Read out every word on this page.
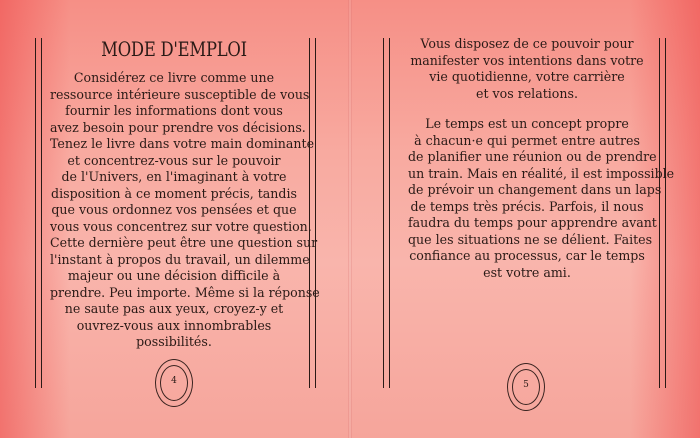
MODE D'EMPLOI
Considérez ce livre comme une
ressource intérieure susceptible de vous
fournir les informations dont vous
avez besoin pour prendre vos décisions.
Tenez le livre dans votre main dominante
et concentrez-vous sur le pouvoir
de l'Univers, en l'imaginant à votre
disposition à ce moment précis, tandis
que vous ordonnez vos pensées et que
vous vous concentrez sur votre question.
Cette dernière peut être une question sur
l'instant à propos du travail, un dilemme
majeur ou une décision difficile à
prendre. Peu importe. Même si la réponse
ne saute pas aux yeux, croyez-y et
ouvrez-vous aux innombrables
possibilités.
4
Vous disposez de ce pouvoir pour
manifester vos intentions dans votre
vie quotidienne, votre carrière
et vos relations.
Le temps est un concept propre
à chacun·e qui permet entre autres
de planifier une réunion ou de prendre
un train. Mais en réalité, il est impossible
de prévoir un changement dans un laps
de temps très précis. Parfois, il nous
faudra du temps pour apprendre avant
que les situations ne se délient. Faites
confiance au processus, car le temps
est votre ami.
5
